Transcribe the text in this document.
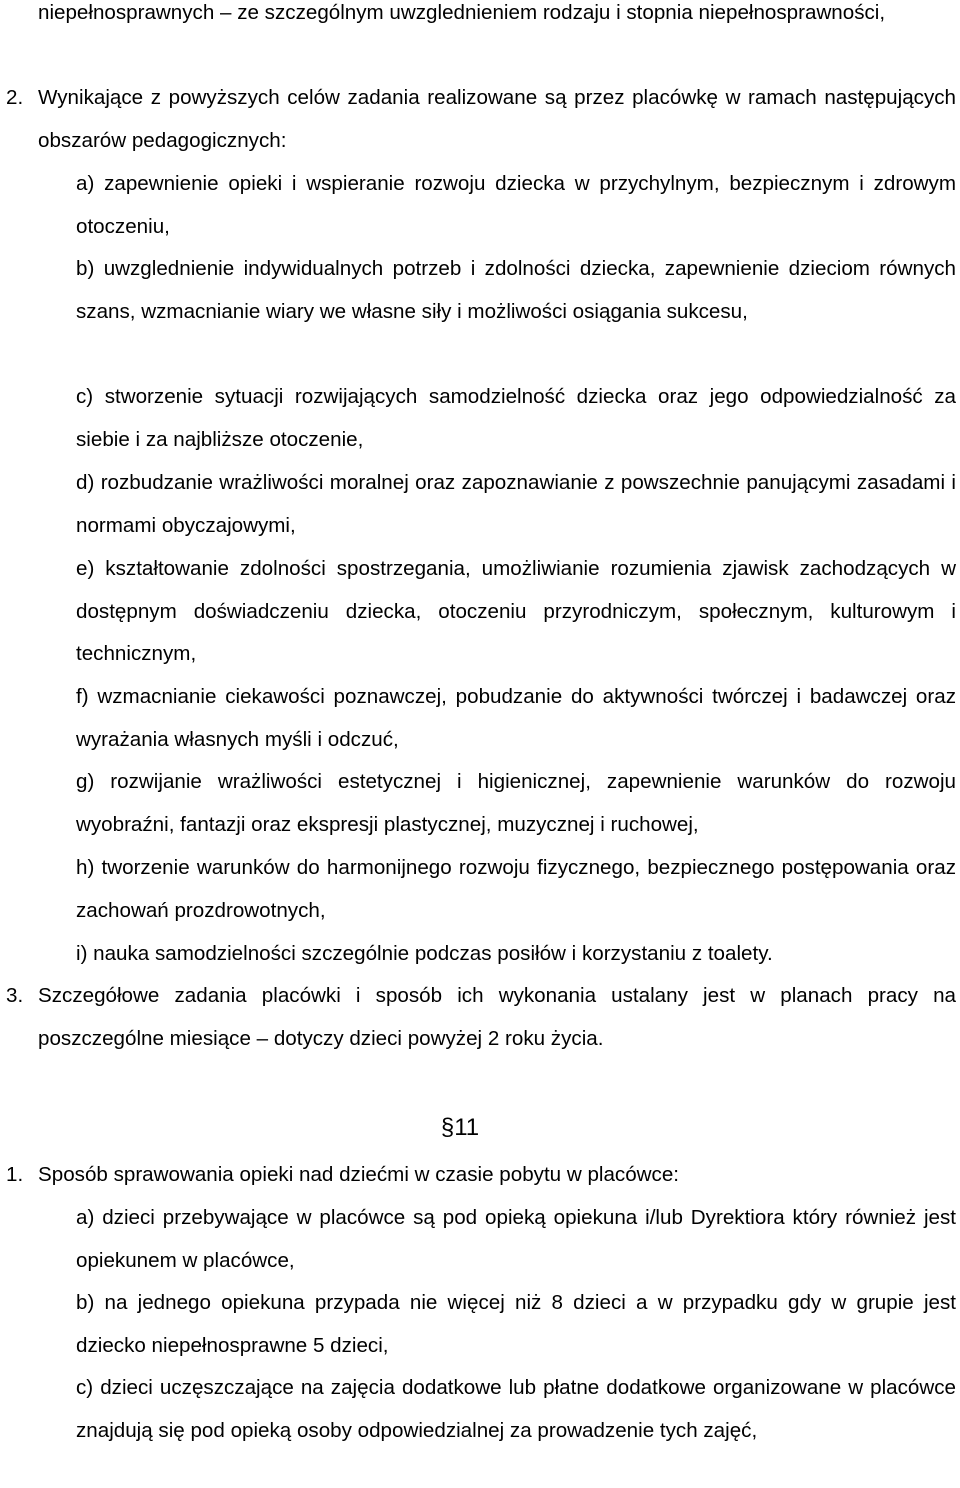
niepełnosprawnych – ze szczególnym uwzglednieniem rodzaju i stopnia niepełnosprawności,
2. Wynikające z powyższych celów zadania realizowane są przez placówkę w ramach następujących obszarów pedagogicznych:
a) zapewnienie opieki i wspieranie rozwoju dziecka w przychylnym, bezpiecznym i zdrowym otoczeniu,
b) uwzglednienie indywidualnych potrzeb i zdolności dziecka, zapewnienie dzieciom równych szans, wzmacnianie wiary we własne siły i możliwości osiągania sukcesu,
c) stworzenie sytuacji rozwijających samodzielność dziecka oraz jego odpowiedzialność za siebie i za najbliższe otoczenie,
d) rozbudzanie wrażliwości moralnej oraz zapoznawianie z powszechnie panującymi zasadami i normami obyczajowymi,
e) kształtowanie zdolności spostrzegania, umożliwianie rozumienia zjawisk zachodzących w dostępnym doświadczeniu dziecka, otoczeniu przyrodniczym, społecznym, kulturowym i technicznym,
f) wzmacnianie ciekawości poznawczej, pobudzanie do aktywności twórczej i badawczej oraz wyrażania własnych myśli i odczuć,
g) rozwijanie wrażliwości estetycznej i higienicznej, zapewnienie warunków do rozwoju wyobraźni, fantazji oraz ekspresji plastycznej, muzycznej i ruchowej,
h) tworzenie warunków do harmonijnego rozwoju fizycznego, bezpiecznego postępowania oraz zachowań prozdrowotnych,
i) nauka samodzielności szczególnie podczas posiłów i korzystaniu z toalety.
3. Szczegółowe zadania placówki i sposób ich wykonania ustalany jest w planach pracy na poszczególne miesiące – dotyczy dzieci powyżej 2 roku życia.
§11
1. Sposób sprawowania opieki nad dziećmi w czasie pobytu w placówce:
a) dzieci przebywające w placówce są pod opieką opiekuna i/lub Dyrektiora który również jest opiekunem w placówce,
b) na jednego opiekuna przypada nie więcej niż 8 dzieci a w przypadku gdy w grupie jest dziecko niepełnosprawne 5 dzieci,
c) dzieci uczęszczające na zajęcia dodatkowe lub płatne dodatkowe organizowane w placówce znajdują się pod opieką osoby odpowiedzialnej za prowadzenie tych zajęć,
